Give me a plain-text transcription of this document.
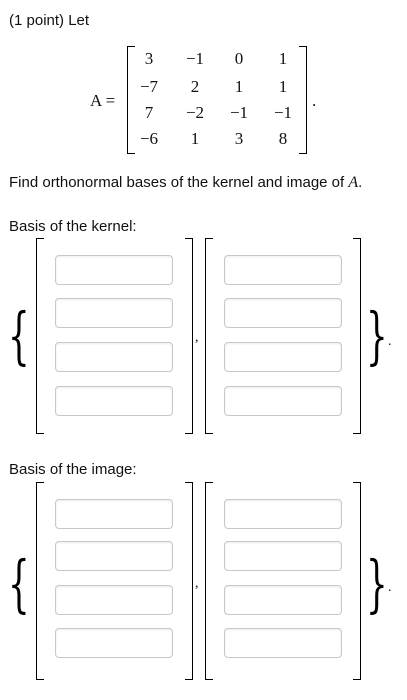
(1 point) Let
A =
3	−1	0	1
−7	2	1	1
7	−2	−1	−1
−6	1	3	8
.
Find orthonormal bases of the kernel and image of A.
Basis of the kernel:
{	,	} .
Basis of the image:
{	,	} .
